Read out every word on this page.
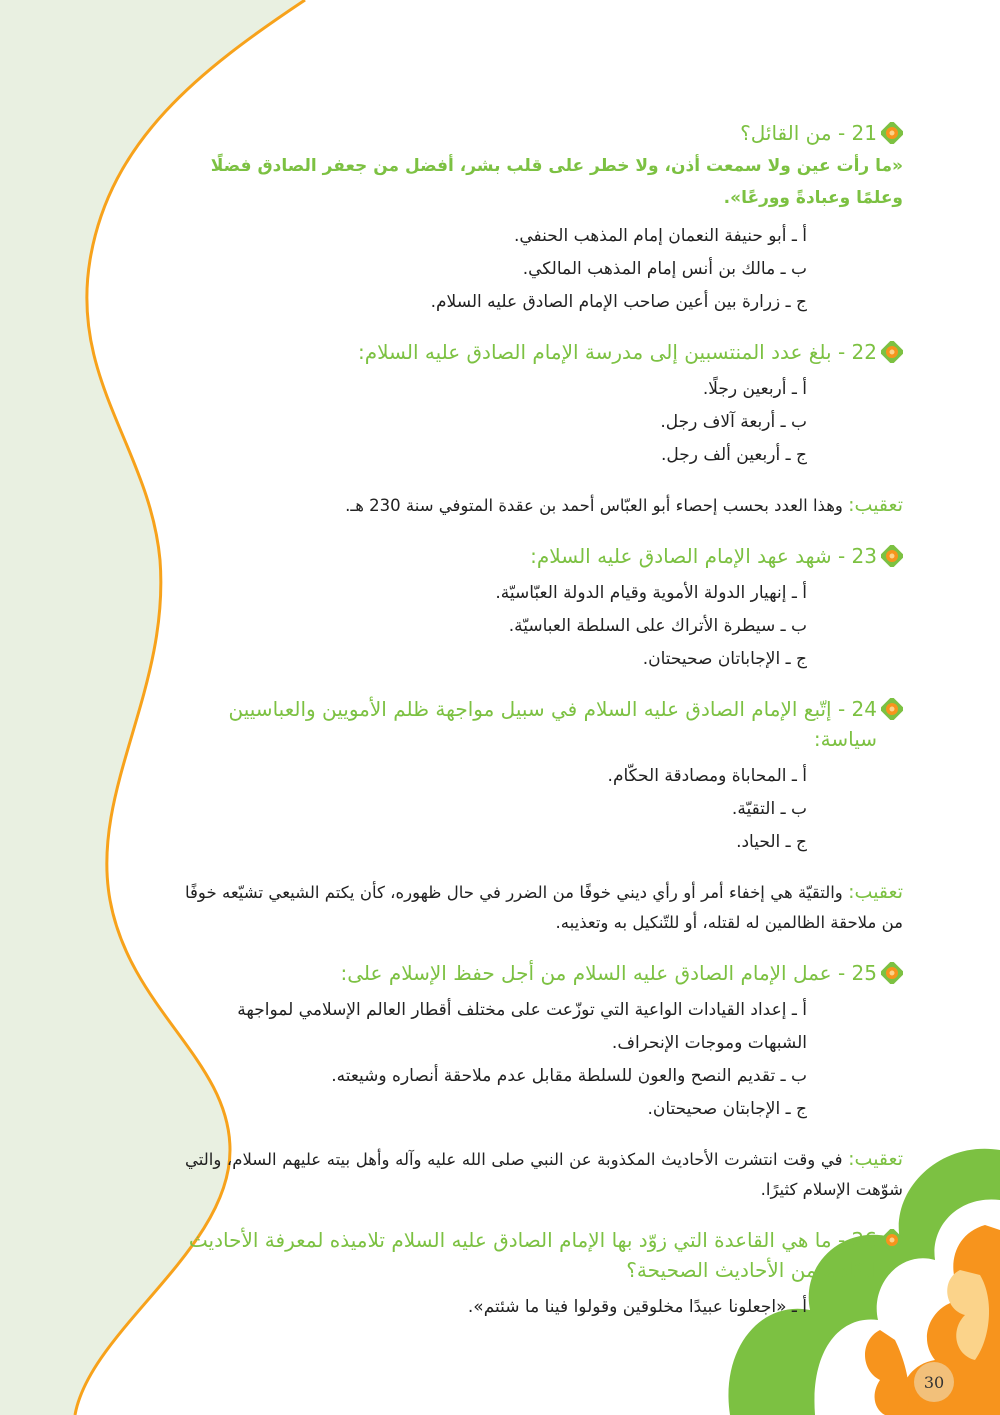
21 - من القائل؟
«ما رأت عين ولا سمعت أذن، ولا خطر على قلب بشر، أفضل من جعفر الصادق فضلًا وعلمًا وعبادةً وورعًا».
أ ـ أبو حنيفة النعمان إمام المذهب الحنفي.
ب ـ مالك بن أنس إمام المذهب المالكي.
ج ـ زرارة بين أعين صاحب الإمام الصادق عليه السلام.
22 - بلغ عدد المنتسبين إلى مدرسة الإمام الصادق عليه السلام:
أ ـ أربعين رجلًا.
ب ـ أربعة آلاف رجل.
ج ـ أربعين ألف رجل.
تعقيب: وهذا العدد بحسب إحصاء أبو العبّاس أحمد بن عقدة المتوفي سنة 230 هـ.
23 - شهد عهد الإمام الصادق عليه السلام:
أ ـ إنهيار الدولة الأموية وقيام الدولة العبّاسيّة.
ب ـ سيطرة الأتراك على السلطة العباسيّة.
ج ـ الإجاباتان صحيحتان.
24 - إتّبع الإمام الصادق عليه السلام في سبيل مواجهة ظلم الأمويين والعباسيين سياسة:
أ ـ المحاباة ومصادقة الحكّام.
ب ـ التقيّة.
ج ـ الحياد.
تعقيب: والتقيّة هي إخفاء أمر أو رأي ديني خوفًا من الضرر في حال ظهوره، كأن يكتم الشيعي تشيّعه خوفًا من ملاحقة الظالمين له لقتله، أو للتّنكيل به وتعذيبه.
25 - عمل الإمام الصادق عليه السلام من أجل حفظ الإسلام على:
أ ـ إعداد القيادات الواعية التي توزّعت على مختلف أقطار العالم الإسلامي لمواجهة الشبهات وموجات الإنحراف.
ب ـ تقديم النصح والعون للسلطة مقابل عدم ملاحقة أنصاره وشيعته.
ج ـ الإجابتان صحيحتان.
تعقيب: في وقت انتشرت الأحاديث المكذوبة عن النبي صلى الله عليه وآله وأهل بيته عليهم السلام، والتي شوّهت الإسلام كثيرًا.
26 - ما هي القاعدة التي زوّد بها الإمام الصادق عليه السلام تلاميذه لمعرفة الأحاديث الكاذبة من الأحاديث الصحيحة؟
أ ـ «اجعلونا عبيدًا مخلوقين وقولوا فينا ما شئتم».
30
